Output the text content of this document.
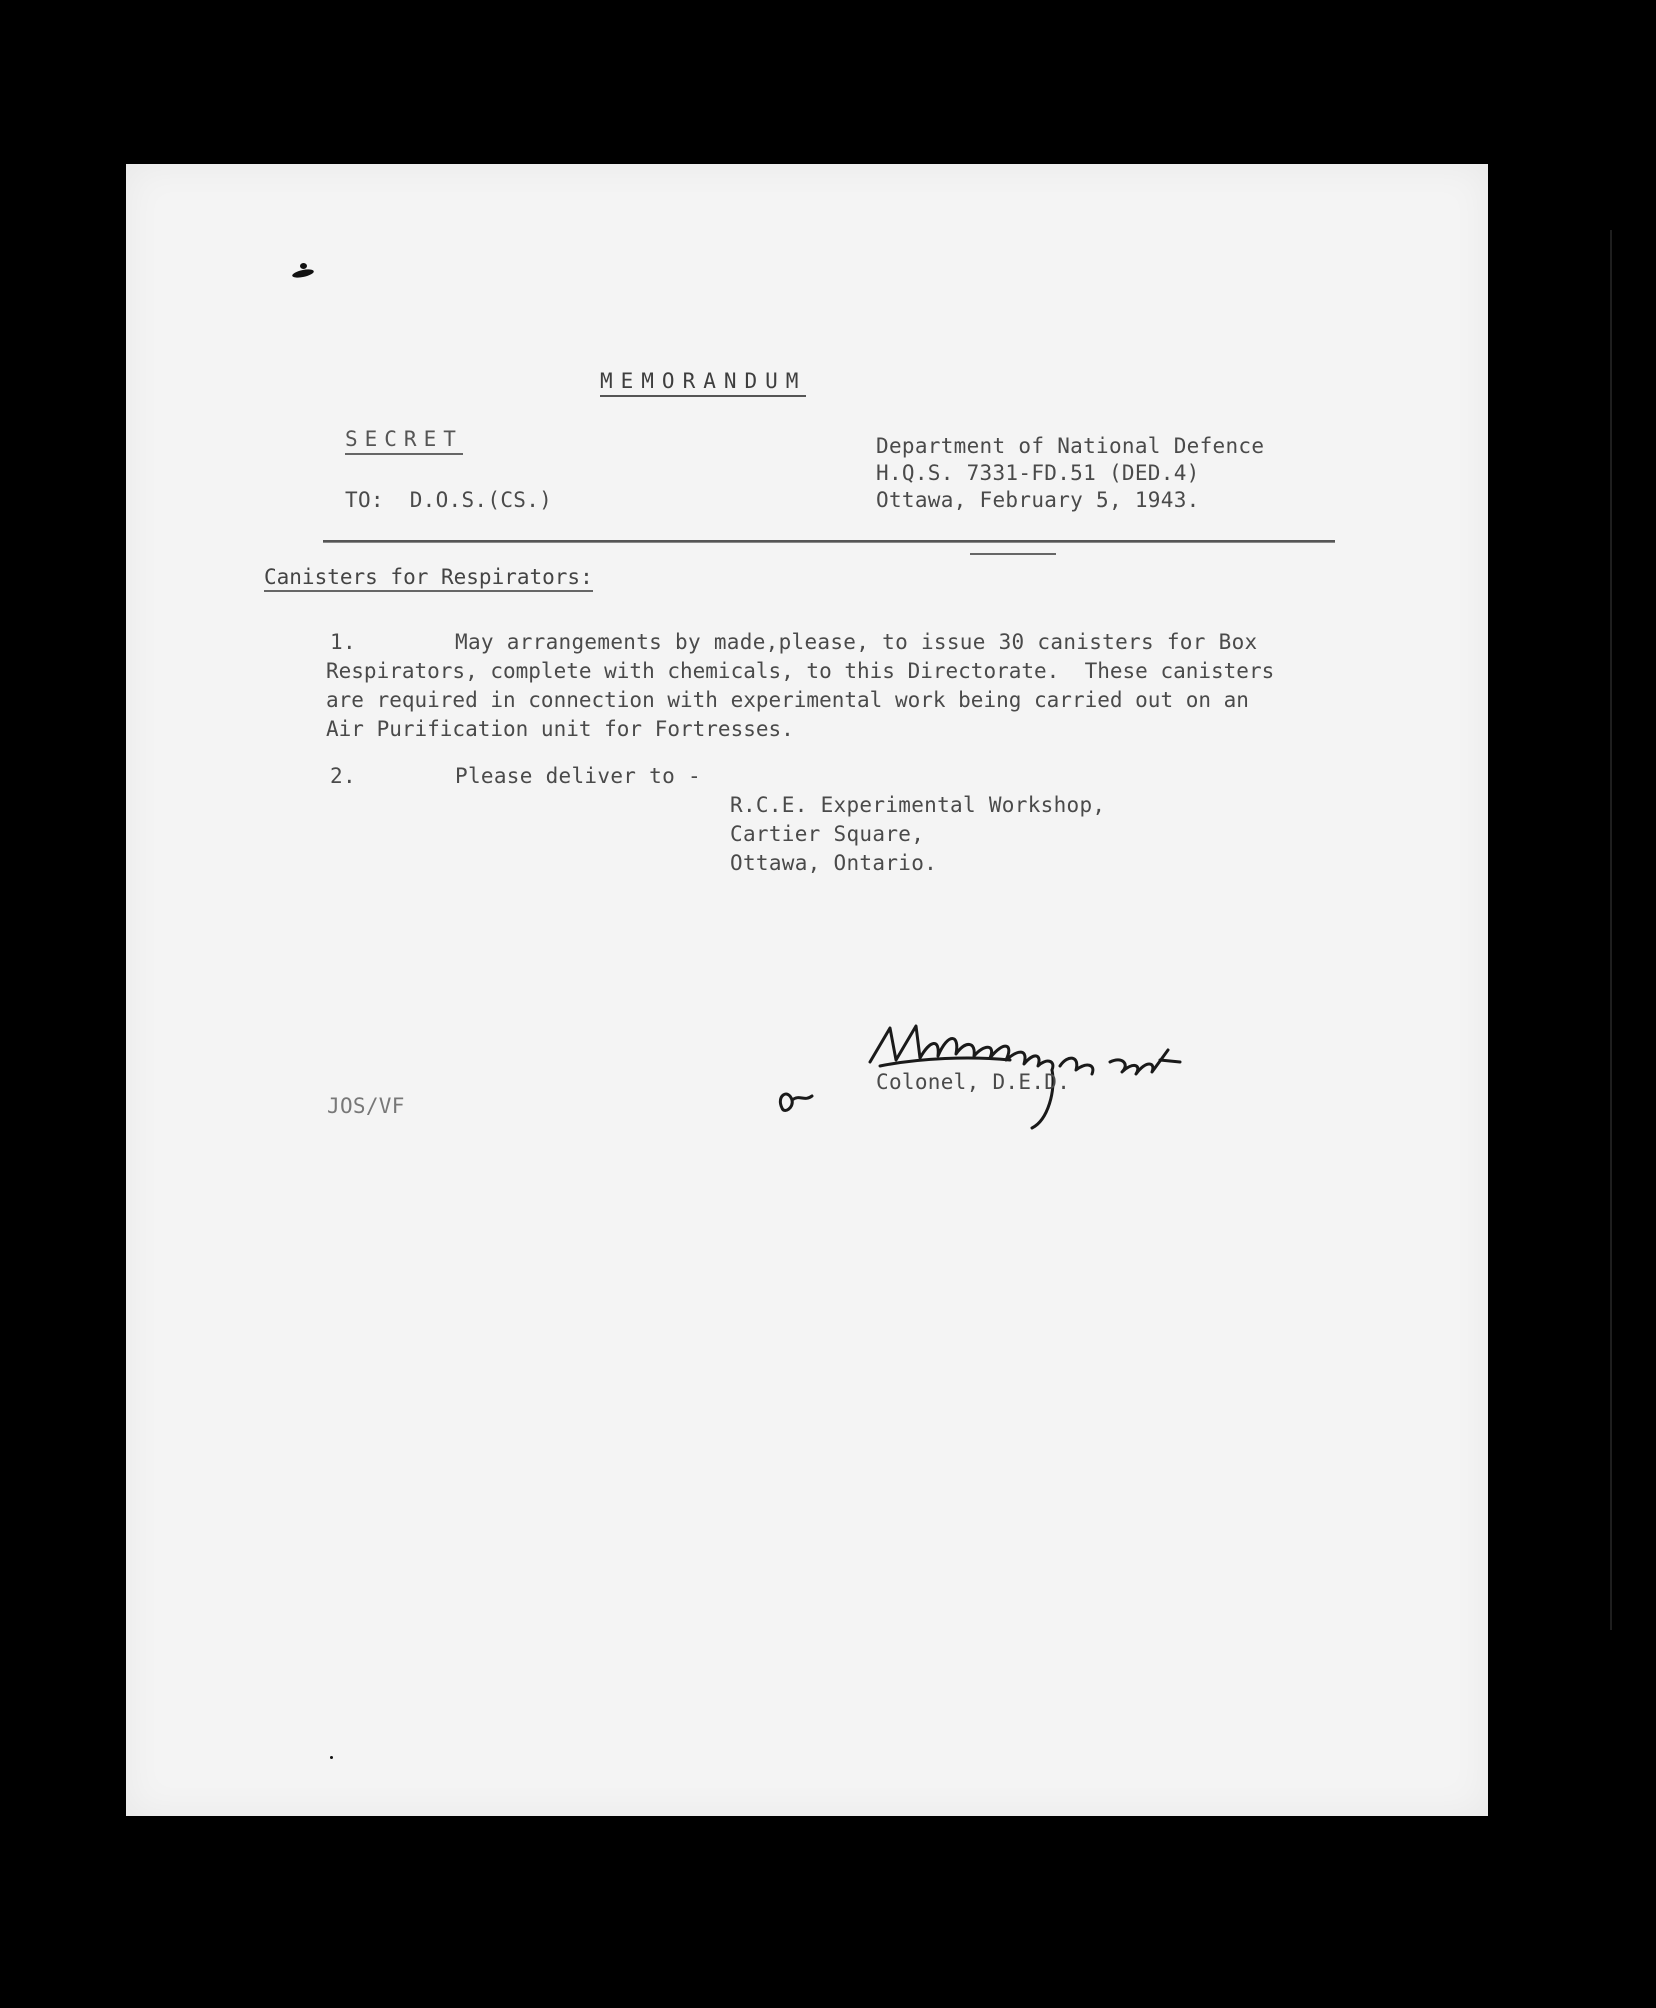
MEMORANDUM
SECRET
TO:  D.O.S.(CS.)
Department of National Defence
H.Q.S. 7331-FD.51 (DED.4)
Ottawa, February 5, 1943.
Canisters for Respirators:
1.	May arrangements by made,please, to issue 30 canisters for Box
Respirators, complete with chemicals, to this Directorate.  These canisters
are required in connection with experimental work being carried out on an
Air Purification unit for Fortresses.
2.	Please deliver to -
R.C.E. Experimental Workshop,
Cartier Square,
Ottawa, Ontario.
Colonel, D.E.D.
JOS/VF
